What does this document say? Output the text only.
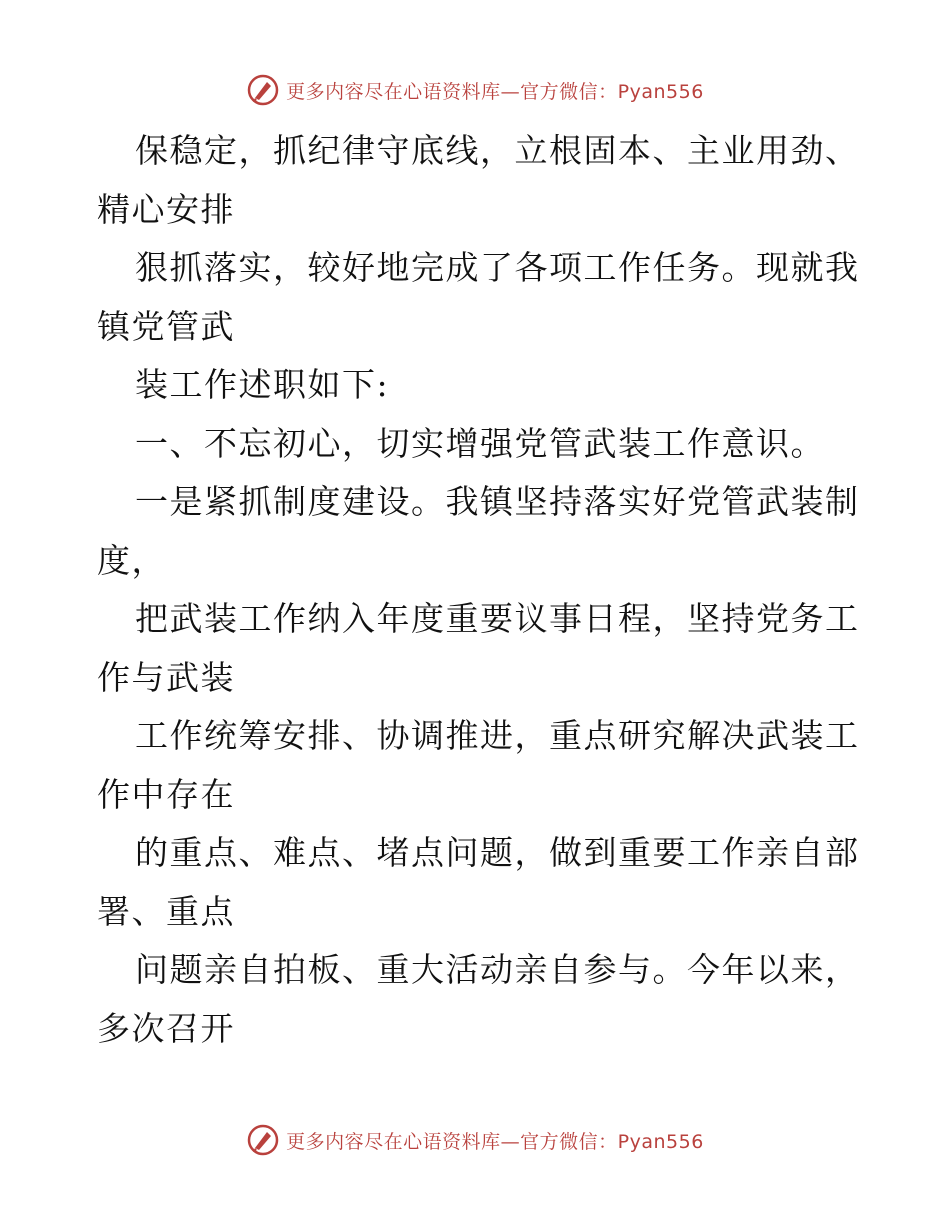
更多内容尽在心语资料库—官方微信：Pyan556
保稳定，抓纪律守底线，立根固本、主业用劲、
精心安排
狠抓落实，较好地完成了各项工作任务。现就我
镇党管武
装工作述职如下:
一、不忘初心，切实增强党管武装工作意识。
一是紧抓制度建设。我镇坚持落实好党管武装制
度，
把武装工作纳入年度重要议事日程，坚持党务工
作与武装
工作统筹安排、协调推进，重点研究解决武装工
作中存在
的重点、难点、堵点问题，做到重要工作亲自部
署、重点
问题亲自拍板、重大活动亲自参与。今年以来，
多次召开
更多内容尽在心语资料库—官方微信：Pyan556
